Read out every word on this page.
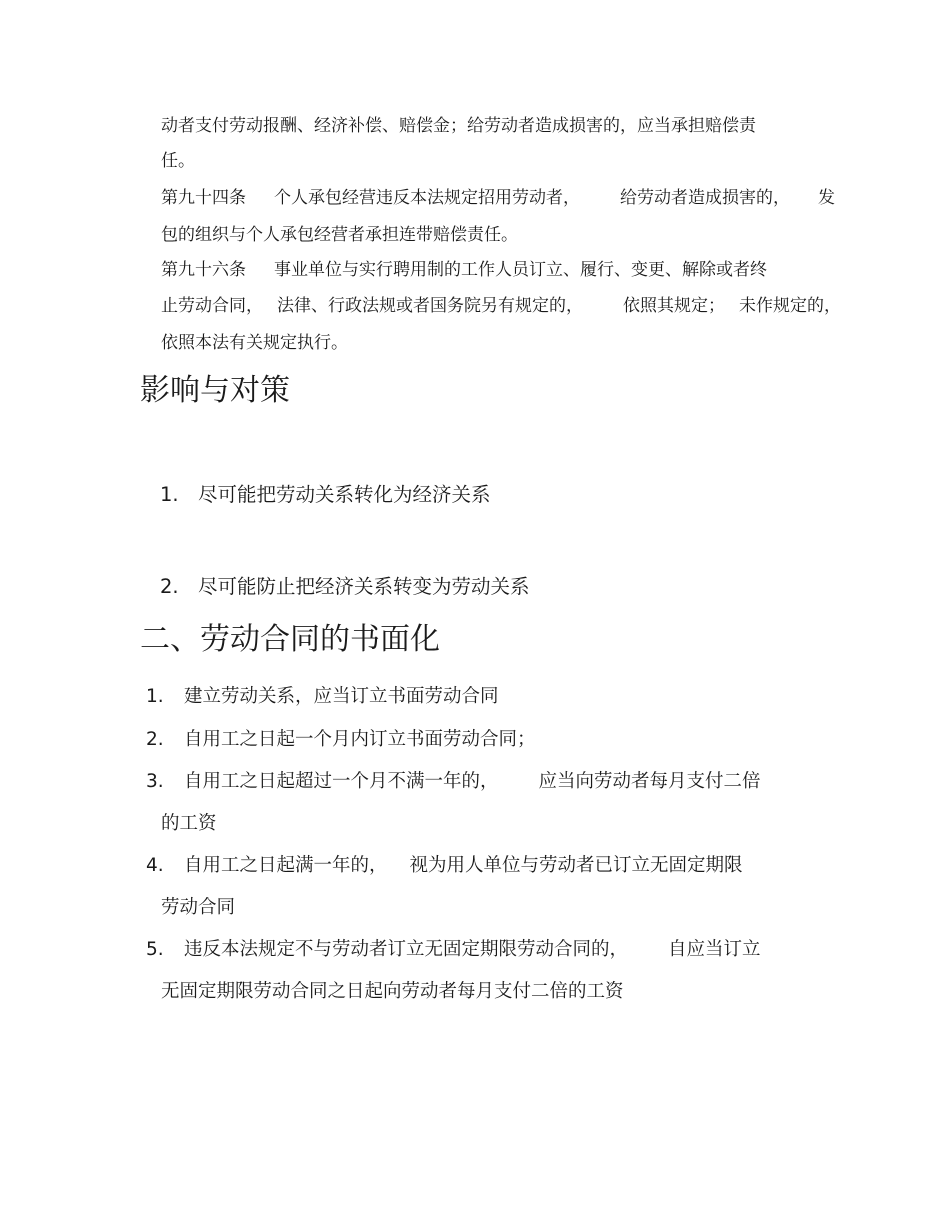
动者支付劳动报酬、经济补偿、赔偿金；给劳动者造成损害的，应当承担赔偿责
任。
第九十四条 个人承包经营违反本法规定招用劳动者， 给劳动者造成损害的， 发
包的组织与个人承包经营者承担连带赔偿责任。
第九十六条 事业单位与实行聘用制的工作人员订立、履行、变更、解除或者终
止劳动合同， 法律、行政法规或者国务院另有规定的， 依照其规定； 未作规定的，
依照本法有关规定执行。
影响与对策
1. 尽可能把劳动关系转化为经济关系
2. 尽可能防止把经济关系转变为劳动关系
二、劳动合同的书面化
1. 建立劳动关系，应当订立书面劳动合同
2. 自用工之日起一个月内订立书面劳动合同；
3. 自用工之日起超过一个月不满一年的， 应当向劳动者每月支付二倍
的工资
4. 自用工之日起满一年的， 视为用人单位与劳动者已订立无固定期限
劳动合同
5. 违反本法规定不与劳动者订立无固定期限劳动合同的， 自应当订立
无固定期限劳动合同之日起向劳动者每月支付二倍的工资
